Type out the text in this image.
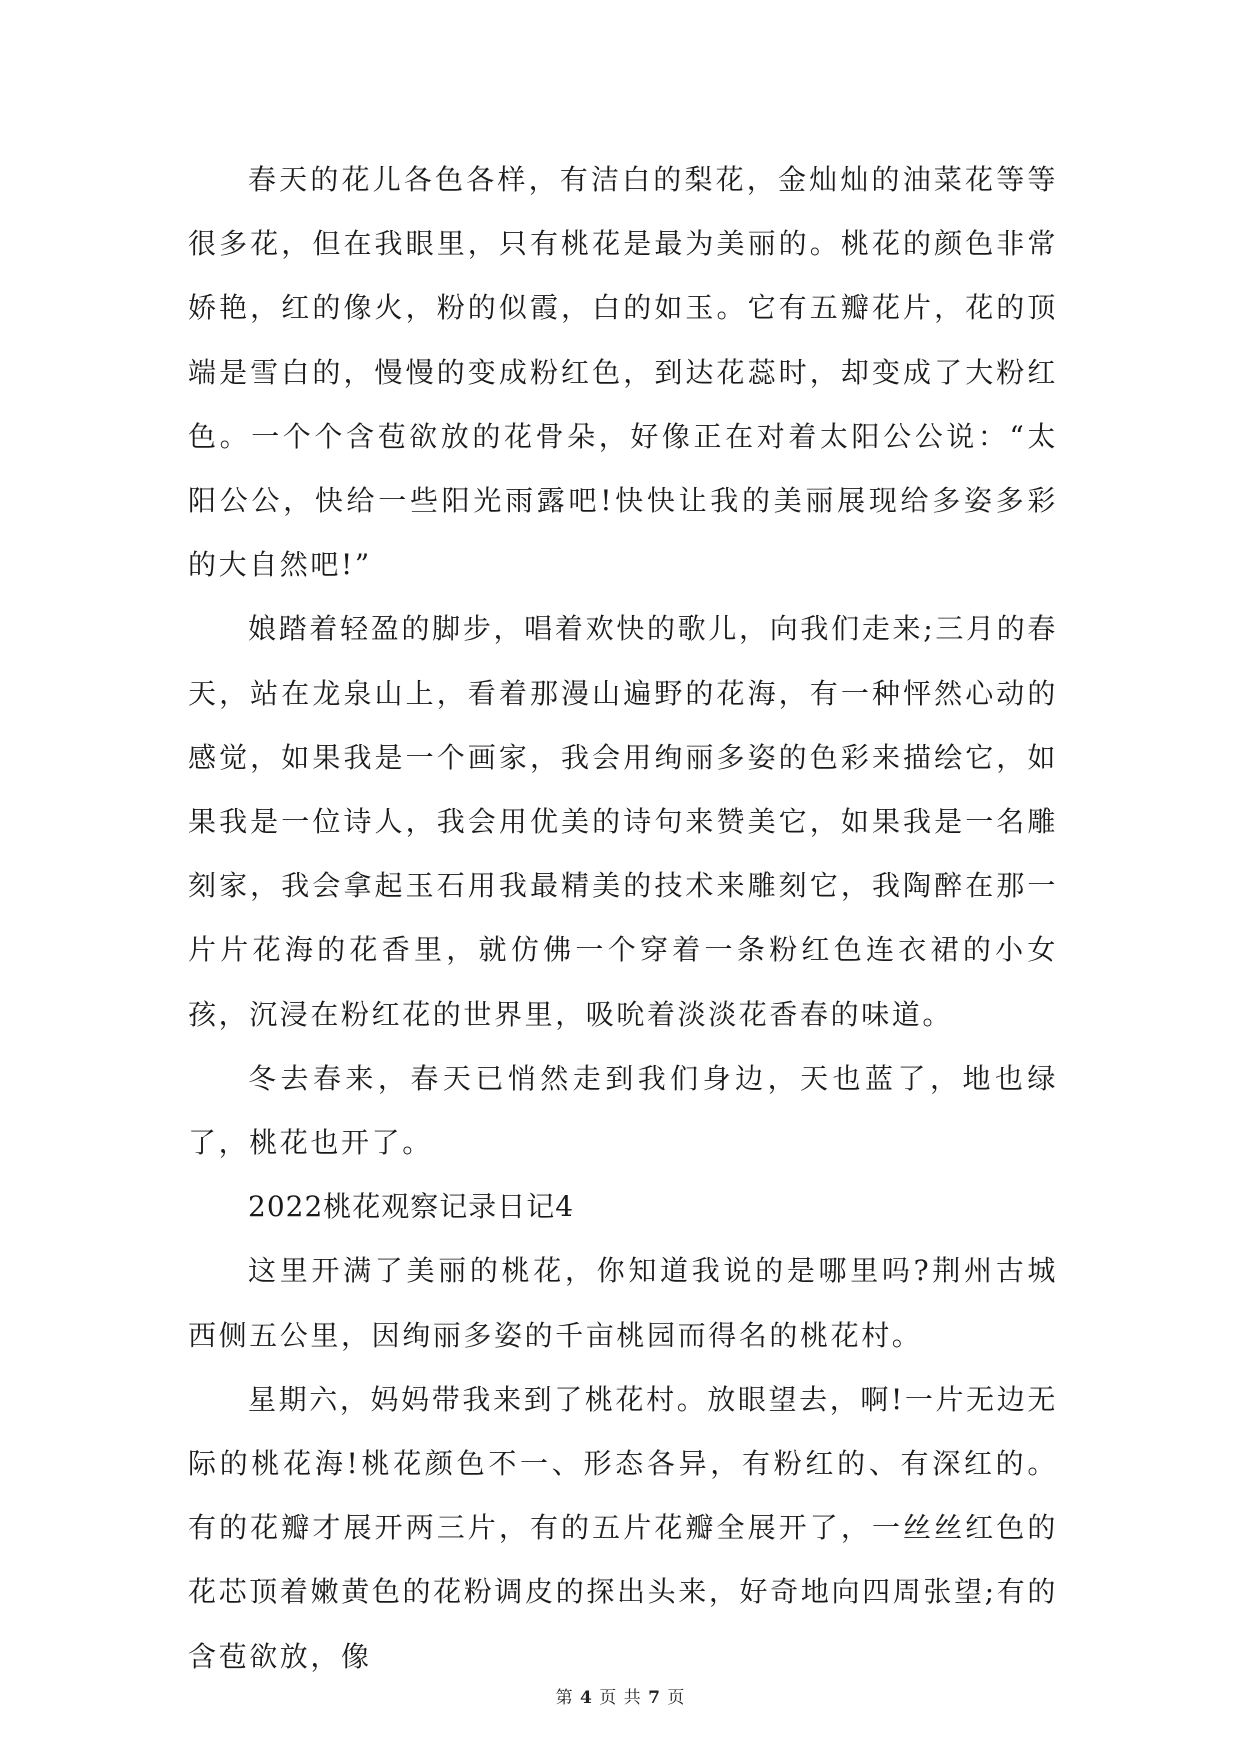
春天的花儿各色各样，有洁白的梨花，金灿灿的油菜花等等很多花，但在我眼里，只有桃花是最为美丽的。桃花的颜色非常娇艳，红的像火，粉的似霞，白的如玉。它有五瓣花片，花的顶端是雪白的，慢慢的变成粉红色，到达花蕊时，却变成了大粉红色。一个个含苞欲放的花骨朵，好像正在对着太阳公公说：“太阳公公，快给一些阳光雨露吧!快快让我的美丽展现给多姿多彩的大自然吧!”

娘踏着轻盈的脚步，唱着欢快的歌儿，向我们走来;三月的春天，站在龙泉山上，看着那漫山遍野的花海，有一种怦然心动的感觉，如果我是一个画家，我会用绚丽多姿的色彩来描绘它，如果我是一位诗人，我会用优美的诗句来赞美它，如果我是一名雕刻家，我会拿起玉石用我最精美的技术来雕刻它，我陶醉在那一片片花海的花香里，就仿佛一个穿着一条粉红色连衣裙的小女孩，沉浸在粉红花的世界里，吸吮着淡淡花香春的味道。

冬去春来，春天已悄然走到我们身边，天也蓝了，地也绿了，桃花也开了。

2022桃花观察记录日记4

这里开满了美丽的桃花，你知道我说的是哪里吗?荆州古城西侧五公里，因绚丽多姿的千亩桃园而得名的桃花村。

星期六，妈妈带我来到了桃花村。放眼望去，啊!一片无边无际的桃花海!桃花颜色不一、形态各异，有粉红的、有深红的。有的花瓣才展开两三片，有的五片花瓣全展开了，一丝丝红色的花芯顶着嫩黄色的花粉调皮的探出头来，好奇地向四周张望;有的含苞欲放，像

第 4 页 共 7 页
